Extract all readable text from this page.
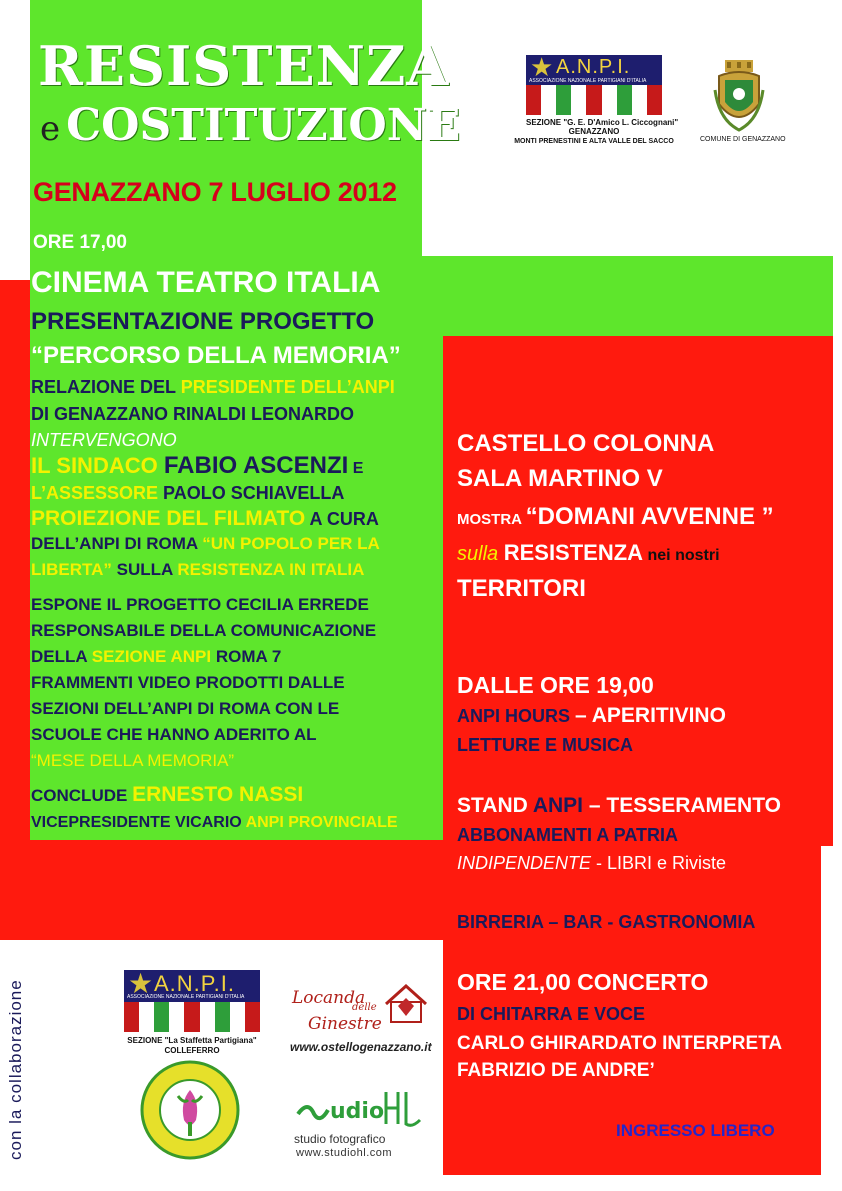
RESISTENZA
e COSTITUZIONE
GENAZZANO 7 LUGLIO 2012
★ A.N.P.I.
ASSOCIAZIONE NAZIONALE PARTIGIANI D'ITALIA
SEZIONE "G. E. D'Amico L. Ciccognani"
GENAZZANO
MONTI PRENESTINI E ALTA VALLE DEL SACCO	COMUNE DI GENAZZANO
ORE 17,00
CINEMA TEATRO ITALIA
PRESENTAZIONE PROGETTO
“PERCORSO DELLA MEMORIA”
RELAZIONE DEL PRESIDENTE DELL’ANPI
DI GENAZZANO RINALDI LEONARDO
INTERVENGONO
IL SINDACO FABIO ASCENZI E
L’ASSESSORE PAOLO SCHIAVELLA
PROIEZIONE DEL FILMATO A CURA
DELL’ANPI DI ROMA “UN POPOLO PER LA
LIBERTA” SULLA RESISTENZA IN ITALIA
ESPONE IL PROGETTO CECILIA ERREDE
RESPONSABILE DELLA COMUNICAZIONE
DELLA SEZIONE ANPI ROMA 7
FRAMMENTI VIDEO PRODOTTI DALLE
SEZIONI DELL’ANPI DI ROMA CON LE
SCUOLE CHE HANNO ADERITO AL
“MESE DELLA MEMORIA”
CONCLUDE ERNESTO NASSI
VICEPRESIDENTE VICARIO ANPI PROVINCIALE
CASTELLO COLONNA
SALA MARTINO V
MOSTRA “DOMANI AVVENNE ”
sulla RESISTENZA nei nostri
TERRITORI
DALLE ORE 19,00
ANPI HOURS – APERITIVINO
LETTURE E MUSICA
STAND ANPI – TESSERAMENTO
ABBONAMENTI A PATRIA
INDIPENDENTE - LIBRI e Riviste
BIRRERIA – BAR - GASTRONOMIA
ORE 21,00 CONCERTO
DI CHITARRA E VOCE
CARLO GHIRARDATO INTERPRETA
FABRIZIO DE ANDRE’
INGRESSO LIBERO
con la collaborazione	★ A.N.P.I.
ASSOCIAZIONE NAZIONALE PARTIGIANI D'ITALIA
SEZIONE "La Staffetta Partigiana"
COLLEFERRO
Locanda
delle
Ginestre
www.ostellogenazzano.it
udio
studio fotografico
www.studiohl.com
